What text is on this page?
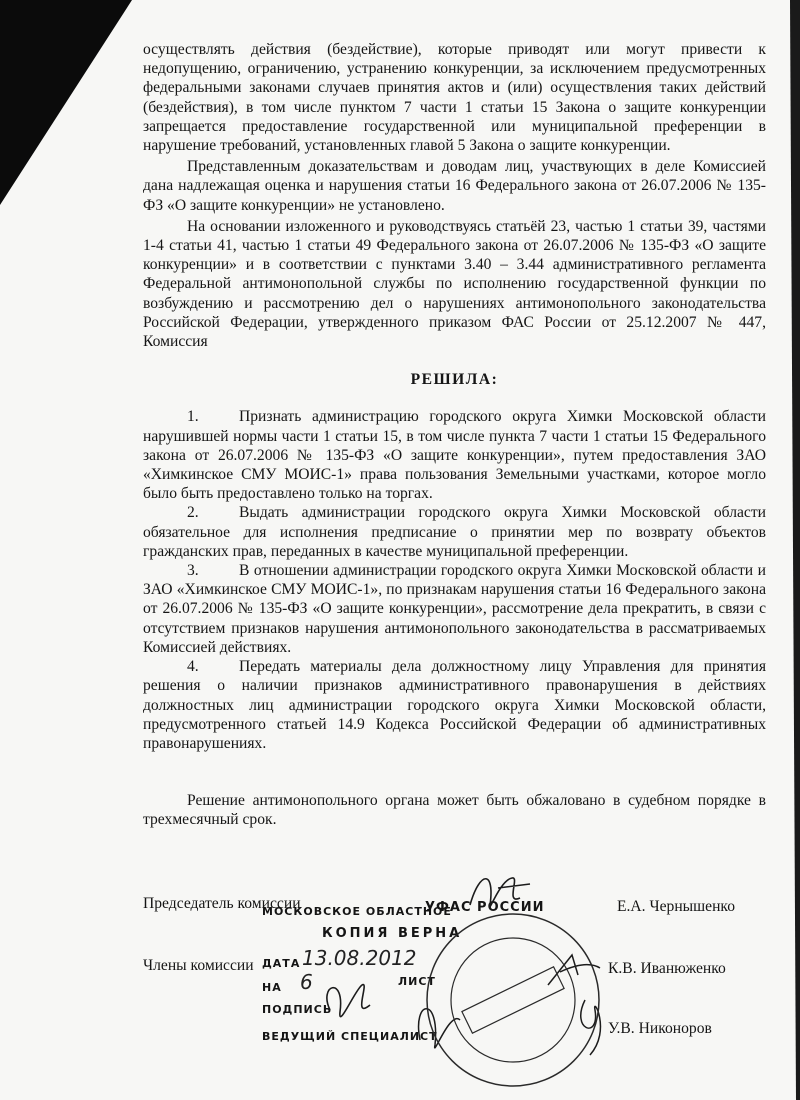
осуществлять действия (бездействие), которые приводят или могут привести к недопущению, ограничению, устранению конкуренции, за исключением предусмотренных федеральными законами случаев принятия актов и (или) осуществления таких действий (бездействия), в том числе пунктом 7 части 1 статьи 15 Закона о защите конкуренции запрещается предоставление государственной или муниципальной преференции в нарушение требований, установленных главой 5 Закона о защите конкуренции.

Представленным доказательствам и доводам лиц, участвующих в деле Комиссией дана надлежащая оценка и нарушения статьи 16 Федерального закона от 26.07.2006 № 135-ФЗ «О защите конкуренции» не установлено.

На основании изложенного и руководствуясь статьёй 23, частью 1 статьи 39, частями 1-4 статьи 41, частью 1 статьи 49 Федерального закона от 26.07.2006 № 135-ФЗ «О защите конкуренции» и в соответствии с пунктами 3.40 – 3.44 административного регламента Федеральной антимонопольной службы по исполнению государственной функции по возбуждению и рассмотрению дел о нарушениях антимонопольного законодательства Российской Федерации, утвержденного приказом ФАС России от 25.12.2007 № 447, Комиссия

РЕШИЛА:

1.	Признать администрацию городского округа Химки Московской области нарушившей нормы части 1 статьи 15, в том числе пункта 7 части 1 статьи 15 Федерального закона от 26.07.2006 № 135-ФЗ «О защите конкуренции», путем предоставления ЗАО «Химкинское СМУ МОИС-1» права пользования Земельными участками, которое могло было быть предоставлено только на торгах.

2.	Выдать администрации городского округа Химки Московской области обязательное для исполнения предписание о принятии мер по возврату объектов гражданских прав, переданных в качестве муниципальной преференции.

3.	В отношении администрации городского округа Химки Московской области и ЗАО «Химкинское СМУ МОИС-1», по признакам нарушения статьи 16 Федерального закона от 26.07.2006 № 135-ФЗ «О защите конкуренции», рассмотрение дела прекратить, в связи с отсутствием признаков нарушения антимонопольного законодательства в рассматриваемых Комиссией действиях.

4.	Передать материалы дела должностному лицу Управления для принятия решения о наличии признаков административного правонарушения в действиях должностных лиц администрации городского округа Химки Московской области, предусмотренного статьей 14.9 Кодекса Российской Федерации об административных правонарушениях.

Решение антимонопольного органа может быть обжаловано в судебном порядке в трехмесячный срок.

Председатель комиссии	Е.А. Чернышенко
Члены комиссии	К.В. Иванюженко
У.В. Никоноров
МОСКОВСКОЕ ОБЛАСТНОЕ
УФАС РОССИИ
КОПИЯ ВЕРНА
ДАТА 13.08.2012
НА 6	ЛИСТ
ПОДПИСЬ
ВЕДУЩИЙ СПЕЦИАЛИСТ
